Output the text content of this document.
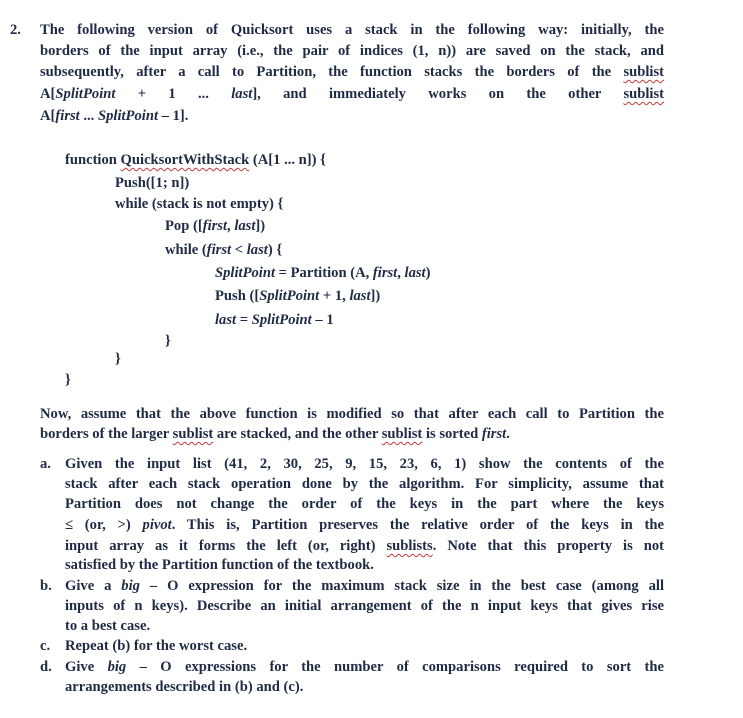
2. The following version of Quicksort uses a stack in the following way: initially, the
borders of the input array (i.e., the pair of indices (1, n)) are saved on the stack, and
subsequently, after a call to Partition, the function stacks the borders of the sublist
A[SplitPoint + 1 ... last], and immediately works on the other sublist
A[first ... SplitPoint – 1].
function QuicksortWithStack (A[1 ... n]) {
Push([1; n])
while (stack is not empty) {
Pop ([first, last])
while (first < last) {
SplitPoint = Partition (A, first, last)
Push ([SplitPoint + 1, last])
last = SplitPoint – 1
}
}
}
Now, assume that the above function is modified so that after each call to Partition the
borders of the larger sublist are stacked, and the other sublist is sorted first.
a. Given the input list (41, 2, 30, 25, 9, 15, 23, 6, 1) show the contents of the
stack after each stack operation done by the algorithm. For simplicity, assume that
Partition does not change the order of the keys in the part where the keys
≤ (or, >) pivot. This is, Partition preserves the relative order of the keys in the
input array as it forms the left (or, right) sublists. Note that this property is not
satisfied by the Partition function of the textbook.
b. Give a big – O expression for the maximum stack size in the best case (among all
inputs of n keys). Describe an initial arrangement of the n input keys that gives rise
to a best case.
c. Repeat (b) for the worst case.
d. Give big – O expressions for the number of comparisons required to sort the
arrangements described in (b) and (c).
